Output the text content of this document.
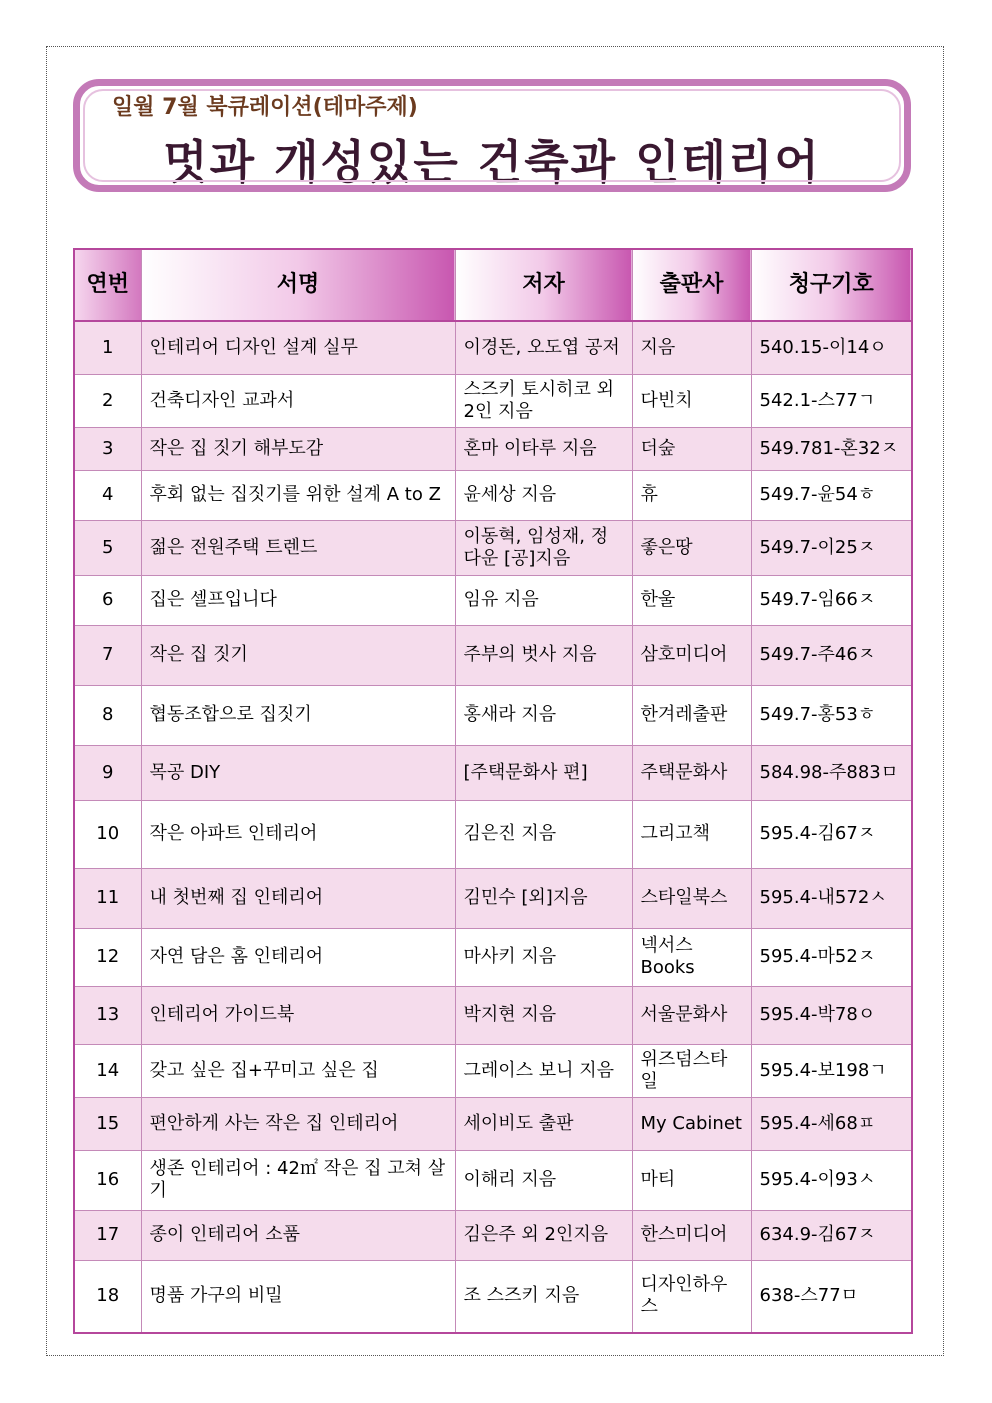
일월 7월 북큐레이션(테마주제)
멋과 개성있는 건축과 인테리어
연번	서명	저자	출판사	청구기호
1	인테리어 디자인 설계 실무	이경돈, 오도엽 공저	지음	540.15-이14ㅇ
2	건축디자인 교과서	스즈키 토시히코 외 2인 지음	다빈치	542.1-스77ㄱ
3	작은 집 짓기 해부도감	혼마 이타루 지음	더숲	549.781-혼32ㅈ
4	후회 없는 집짓기를 위한 설계 A to Z	윤세상 지음	휴	549.7-윤54ㅎ
5	젊은 전원주택 트렌드	이동혁, 임성재, 정다운 [공]지음	좋은땅	549.7-이25ㅈ
6	집은 셀프입니다	임유 지음	한울	549.7-임66ㅈ
7	작은 집 짓기	주부의 벗사 지음	삼호미디어	549.7-주46ㅈ
8	협동조합으로 집짓기	홍새라 지음	한겨레출판	549.7-홍53ㅎ
9	목공 DIY	[주택문화사 편]	주택문화사	584.98-주883ㅁ
10	작은 아파트 인테리어	김은진 지음	그리고책	595.4-김67ㅈ
11	내 첫번째 집 인테리어	김민수 [외]지음	스타일북스	595.4-내572ㅅ
12	자연 담은 홈 인테리어	마사키 지음	넥서스Books	595.4-마52ㅈ
13	인테리어 가이드북	박지현 지음	서울문화사	595.4-박78ㅇ
14	갖고 싶은 집+꾸미고 싶은 집	그레이스 보니 지음	위즈덤스타일	595.4-보198ㄱ
15	편안하게 사는 작은 집 인테리어	세이비도 출판	My Cabinet	595.4-세68ㅍ
16	생존 인테리어 : 42㎡ 작은 집 고쳐 살기	이해리 지음	마티	595.4-이93ㅅ
17	종이 인테리어 소품	김은주 외 2인지음	한스미디어	634.9-김67ㅈ
18	명품 가구의 비밀	조 스즈키 지음	디자인하우스	638-스77ㅁ
